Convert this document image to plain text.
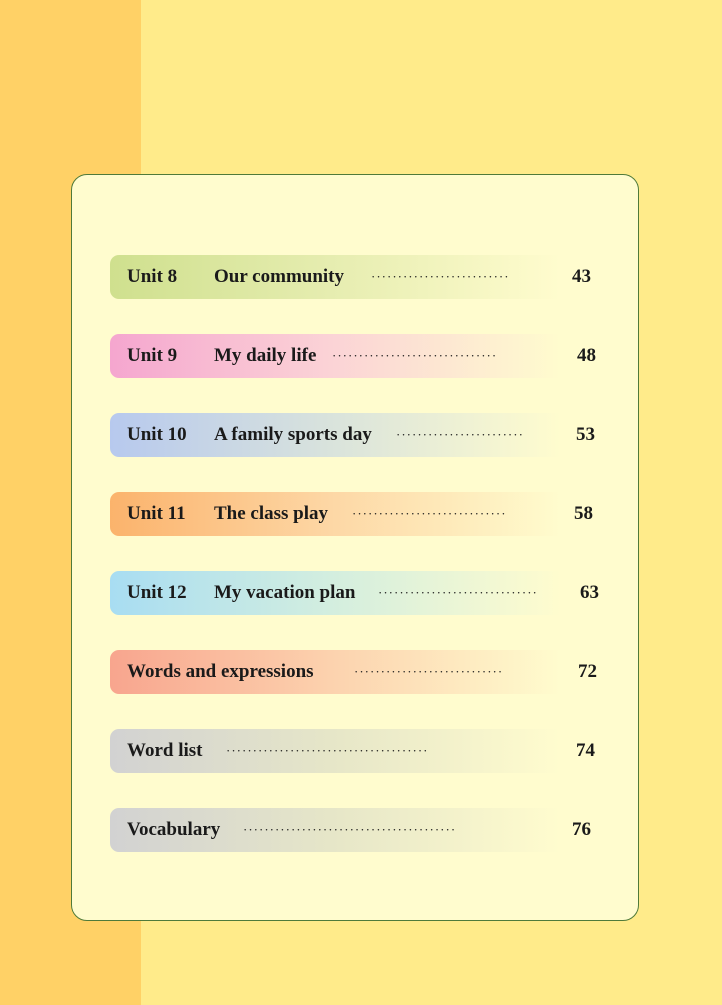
Unit 8 Our community ··························	43
Unit 9 My daily life ·······························	48
Unit 10 A family sports day ························	53
Unit 11 The class play ·····························	58
Unit 12 My vacation plan ······························	63
Words and expressions	····························	72
Word list ······································	74
Vocabulary ········································	76
